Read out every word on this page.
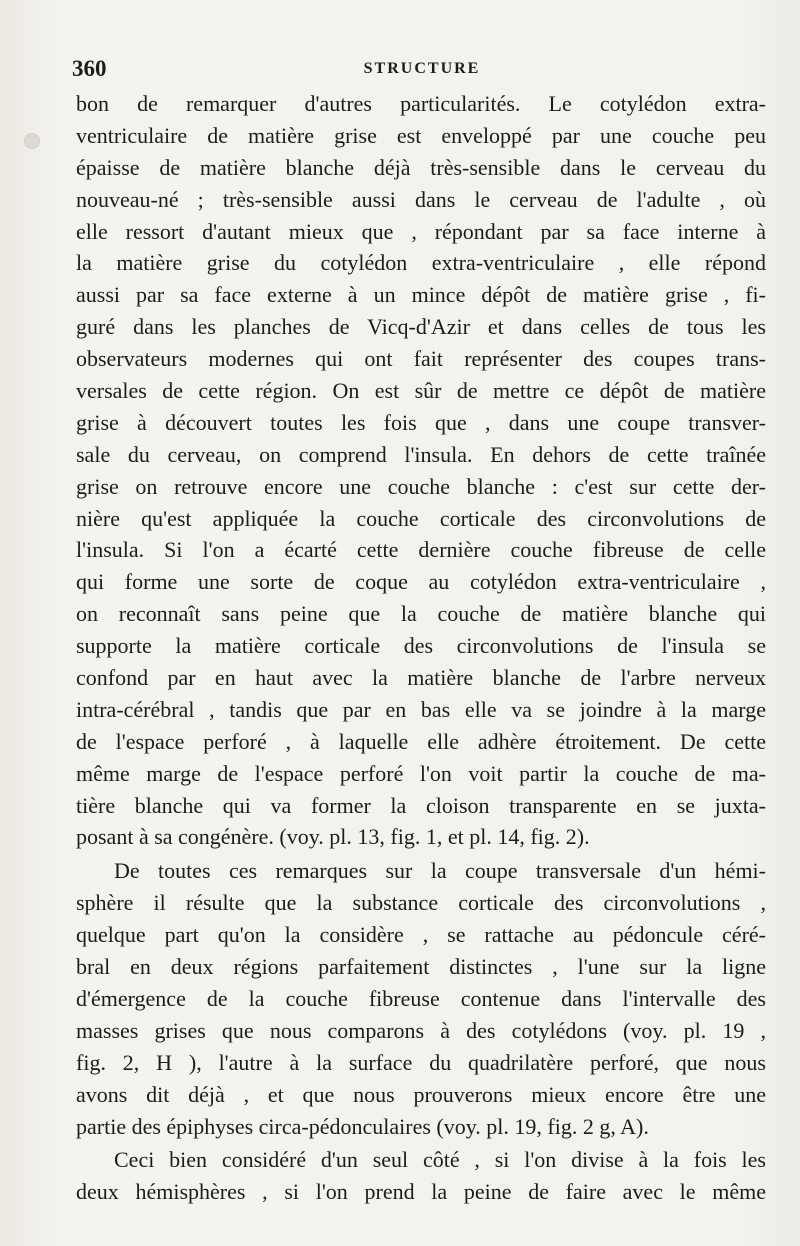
360	STRUCTURE
bon de remarquer d'autres particularités. Le cotylédon extra-
ventriculaire de matière grise est enveloppé par une couche peu
épaisse de matière blanche déjà très-sensible dans le cerveau du
nouveau-né ; très-sensible aussi dans le cerveau de l'adulte , où
elle ressort d'autant mieux que , répondant par sa face interne à
la matière grise du cotylédon extra-ventriculaire , elle répond
aussi par sa face externe à un mince dépôt de matière grise , fi-
guré dans les planches de Vicq-d'Azir et dans celles de tous les
observateurs modernes qui ont fait représenter des coupes trans-
versales de cette région. On est sûr de mettre ce dépôt de matière
grise à découvert toutes les fois que , dans une coupe transver-
sale du cerveau, on comprend l'insula. En dehors de cette traînée
grise on retrouve encore une couche blanche : c'est sur cette der-
nière qu'est appliquée la couche corticale des circonvolutions de
l'insula. Si l'on a écarté cette dernière couche fibreuse de celle
qui forme une sorte de coque au cotylédon extra-ventriculaire ,
on reconnaît sans peine que la couche de matière blanche qui
supporte la matière corticale des circonvolutions de l'insula se
confond par en haut avec la matière blanche de l'arbre nerveux
intra-cérébral , tandis que par en bas elle va se joindre à la marge
de l'espace perforé , à laquelle elle adhère étroitement. De cette
même marge de l'espace perforé l'on voit partir la couche de ma-
tière blanche qui va former la cloison transparente en se juxta-
posant à sa congénère. (voy. pl. 13, fig. 1, et pl. 14, fig. 2).
De toutes ces remarques sur la coupe transversale d'un hémi-
sphère il résulte que la substance corticale des circonvolutions ,
quelque part qu'on la considère , se rattache au pédoncule céré-
bral en deux régions parfaitement distinctes , l'une sur la ligne
d'émergence de la couche fibreuse contenue dans l'intervalle des
masses grises que nous comparons à des cotylédons (voy. pl. 19 ,
fig. 2, H ), l'autre à la surface du quadrilatère perforé, que nous
avons dit déjà , et que nous prouverons mieux encore être une
partie des épiphyses circa-pédonculaires (voy. pl. 19, fig. 2 g, A).
Ceci bien considéré d'un seul côté , si l'on divise à la fois les
deux hémisphères , si l'on prend la peine de faire avec le même
